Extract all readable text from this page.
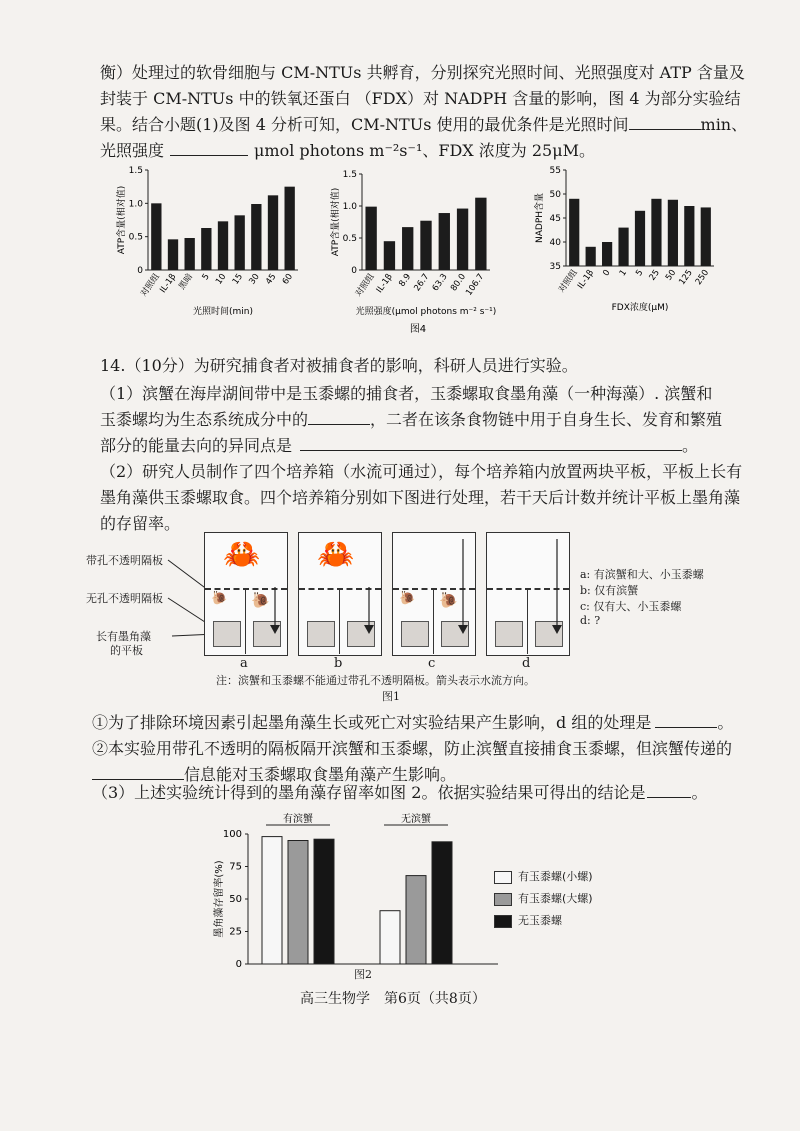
衡）处理过的软骨细胞与 CM-NTUs 共孵育，分别探究光照时间、光照强度对 ATP 含量及
封装于 CM-NTUs 中的铁氧还蛋白 （FDX）对 NADPH 含量的影响，图 4 为部分实验结
果。结合小题(1)及图 4 分析可知，CM-NTUs 使用的最优条件是光照时间	min、
光照强度	μmol photons m⁻²s⁻¹、FDX 浓度为 25μM。
0
0.5
1.0
1.5
对照组
IL-1β
黑暗 5 10 15 30 45 60
ATP含量(相对值)
光照时间(min)
0
0.5
1.0
1.5
对照组
IL-1β 8.9 26.7 63.3 80.0
106.7
ATP含量(相对值)
光照强度(μmol photons m⁻² s⁻¹)
35
40
45
50
55
对照组
IL-1β 0 1 5 25 50
125
250
NADPH含量
FDX浓度(μM)
图4
14.（10分）为研究捕食者对被捕食者的影响，科研人员进行实验。
（1）滨蟹在海岸湖间带中是玉黍螺的捕食者，玉黍螺取食墨角藻（一种海藻）. 滨蟹和
玉黍螺均为生态系统成分中的	，二者在该条食物链中用于自身生长、发育和繁殖
部分的能量去向的异同点是	。
（2）研究人员制作了四个培养箱（水流可通过），每个培养箱内放置两块平板，平板上长有
墨角藻供玉黍螺取食。四个培养箱分别如下图进行处理，若干天后计数并统计平板上墨角藻
的存留率。
带孔不透明隔板
无孔不透明隔板
长有墨角藻
的平板
🦀
🐌 🐌
a
🦀
b
🐌 🐌
c	d
a: 有滨蟹和大、小玉黍螺
b: 仅有滨蟹
c: 仅有大、小玉黍螺
d: ?
注：滨蟹和玉黍螺不能通过带孔不透明隔板。箭头表示水流方向。
图1
①为了排除环境因素引起墨角藻生长或死亡对实验结果产生影响，d 组的处理是	。
②本实验用带孔不透明的隔板隔开滨蟹和玉黍螺，防止滨蟹直接捕食玉黍螺，但滨蟹传递的
信息能对玉黍螺取食墨角藻产生影响。
（3）上述实验统计得到的墨角藻存留率如图 2。依据实验结果可得出的结论是	。
0
25
50
75
100
墨角藻存留率(%)
有滨蟹	无滨蟹
有玉黍螺(小螺)
有玉黍螺(大螺)
无玉黍螺
图2
高三生物学　第6页（共8页）
